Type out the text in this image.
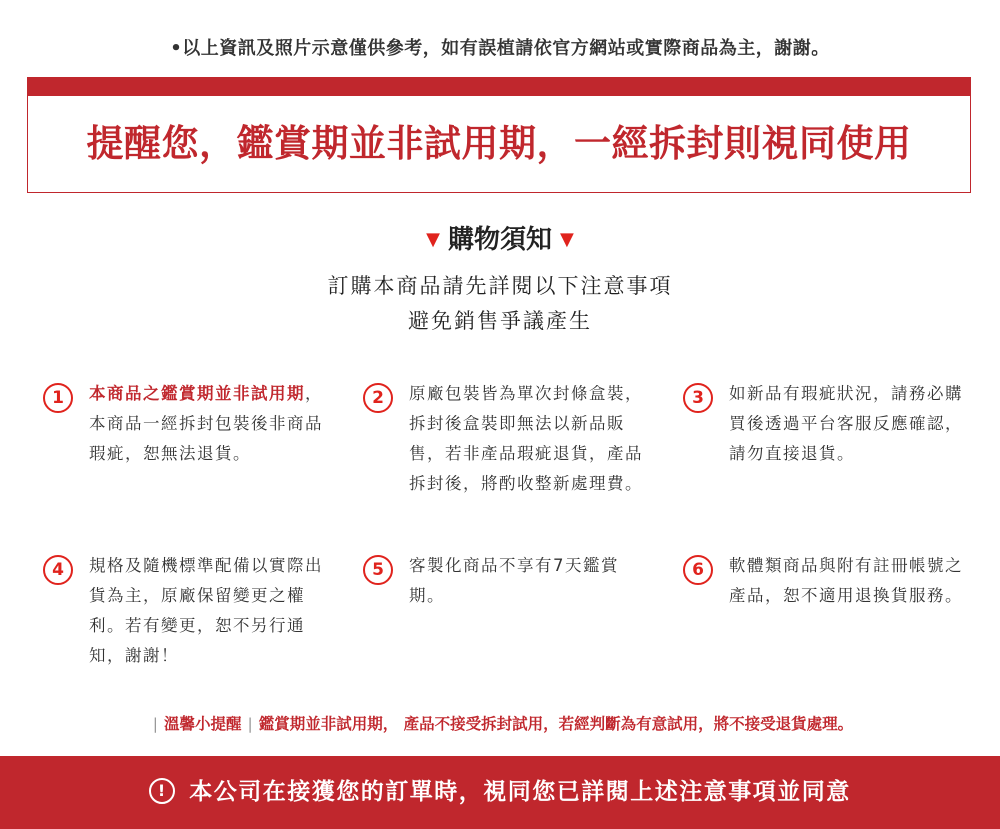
•以上資訊及照片示意僅供參考，如有誤植請依官方網站或實際商品為主，謝謝。
提醒您，鑑賞期並非試用期，一經拆封則視同使用
▼ 購物須知 ▼
訂購本商品請先詳閱以下注意事項
避免銷售爭議產生
1	本商品之鑑賞期並非試用期，本商品一經拆封包裝後非商品瑕疵，恕無法退貨。
2	原廠包裝皆為單次封條盒裝，拆封後盒裝即無法以新品販售，若非產品瑕疵退貨，產品拆封後，將酌收整新處理費。
3	如新品有瑕疵狀況，請務必購買後透過平台客服反應確認，請勿直接退貨。
4	規格及隨機標準配備以實際出貨為主，原廠保留變更之權利。若有變更，恕不另行通知，謝謝！
5	客製化商品不享有7天鑑賞期。
6	軟體類商品與附有註冊帳號之產品，恕不適用退換貨服務。
| 溫馨小提醒 | 鑑賞期並非試用期， 產品不接受拆封試用，若經判斷為有意試用，將不接受退貨處理。
! 本公司在接獲您的訂單時，視同您已詳閱上述注意事項並同意
